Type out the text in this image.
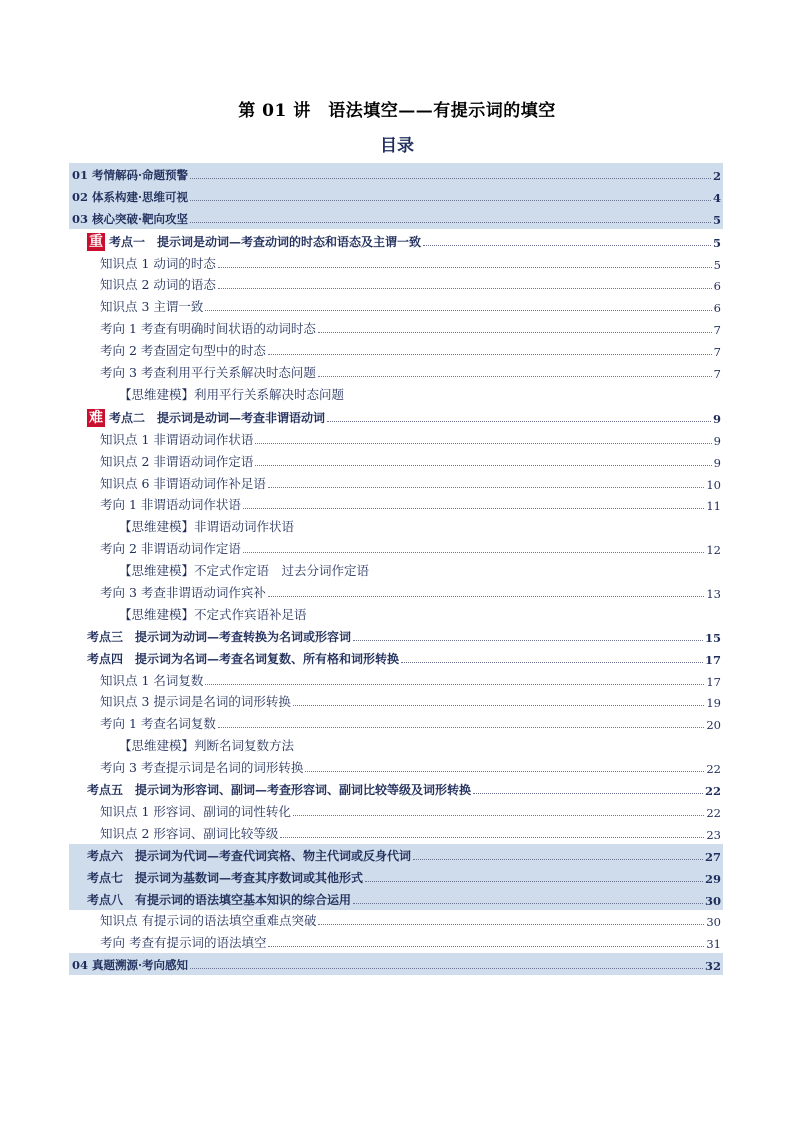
第 01 讲　语法填空——有提示词的填空
目录
01 考情解码·命题预警	2
02 体系构建·思维可视	4
03 核心突破·靶向攻坚	5
重 考点一　提示词是动词—考查动词的时态和语态及主谓一致	5
知识点 1 动词的时态	5
知识点 2 动词的语态	6
知识点 3 主谓一致	6
考向 1 考查有明确时间状语的动词时态	7
考向 2 考查固定句型中的时态	7
考向 3 考查利用平行关系解决时态问题	7
【思维建模】利用平行关系解决时态问题
难 考点二　提示词是动词—考查非谓语动词	9
知识点 1 非谓语动词作状语	9
知识点 2 非谓语动词作定语	9
知识点 6 非谓语动词作补足语	10
考向 1 非谓语动词作状语	11
【思维建模】非谓语动词作状语
考向 2 非谓语动词作定语	12
【思维建模】不定式作定语　过去分词作定语
考向 3 考查非谓语动词作宾补	13
【思维建模】不定式作宾语补足语
考点三　提示词为动词—考查转换为名词或形容词	15
考点四　提示词为名词—考查名词复数、所有格和词形转换	17
知识点 1 名词复数	17
知识点 3 提示词是名词的词形转换	19
考向 1 考查名词复数	20
【思维建模】判断名词复数方法
考向 3 考查提示词是名词的词形转换	22
考点五　提示词为形容词、副词—考查形容词、副词比较等级及词形转换	22
知识点 1 形容词、副词的词性转化	22
知识点 2 形容词、副词比较等级	23
考点六　提示词为代词—考查代词宾格、物主代词或反身代词	27
考点七　提示词为基数词—考查其序数词或其他形式	29
考点八　有提示词的语法填空基本知识的综合运用	30
知识点 有提示词的语法填空重难点突破	30
考向 考查有提示词的语法填空	31
04 真题溯源·考向感知	32
